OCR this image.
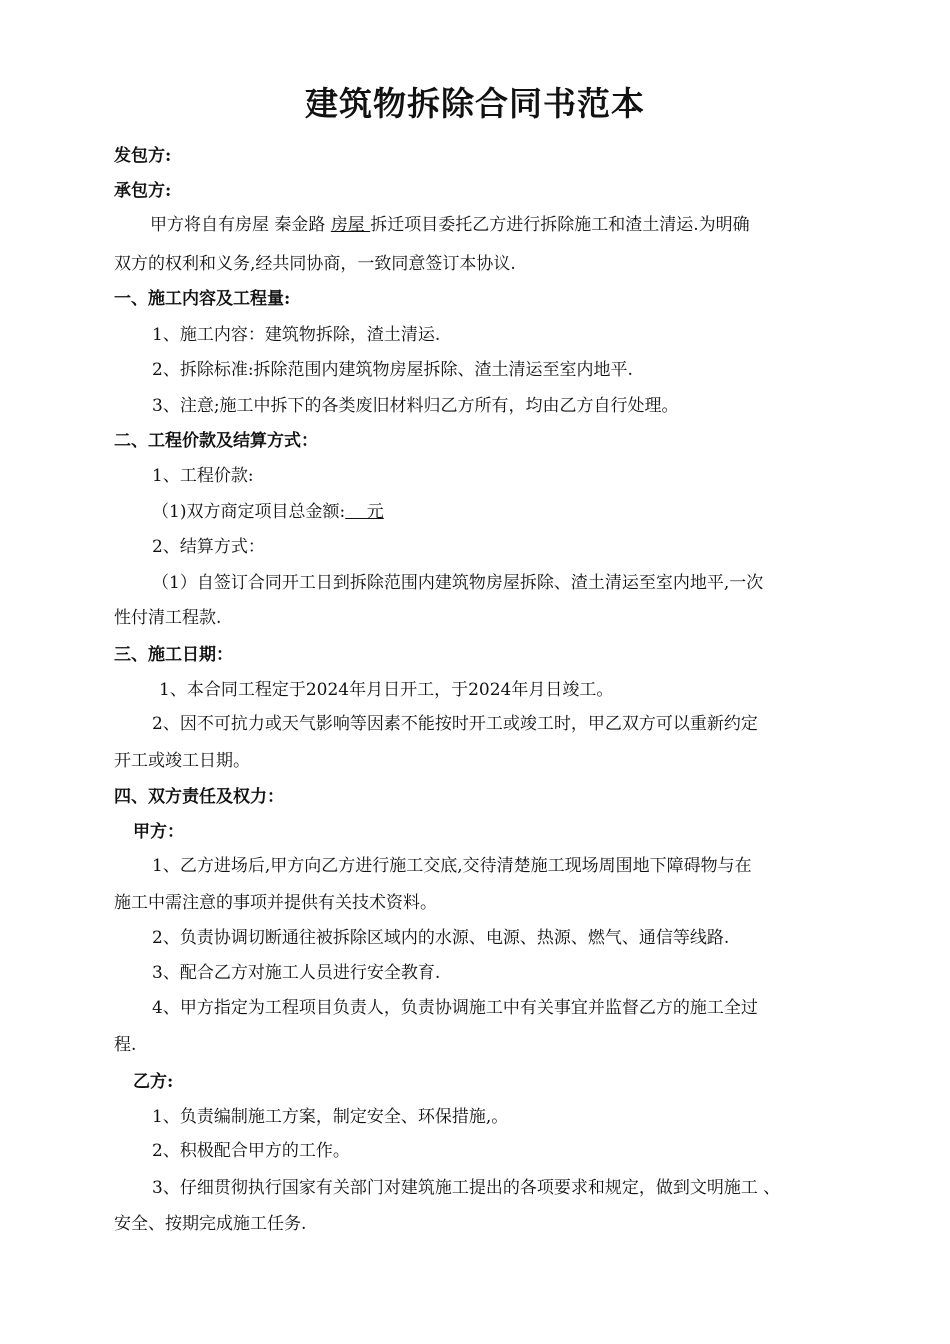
建筑物拆除合同书范本
发包方:
承包方:
甲方将自有房屋 秦金路 房屋 拆迁项目委托乙方进行拆除施工和渣土清运.为明确
双方的权利和义务,经共同协商，一致同意签订本协议.
一、施工内容及工程量:
1、施工内容：建筑物拆除，渣土清运.
2、拆除标准:拆除范围内建筑物房屋拆除、渣土清运至室内地平.
3、注意;施工中拆下的各类废旧材料归乙方所有，均由乙方自行处理。
二、工程价款及结算方式：
1、工程价款:
（1)双方商定项目总金额:    元
2、结算方式：
（1）自签订合同开工日到拆除范围内建筑物房屋拆除、渣土清运至室内地平,一次
性付清工程款.
三、施工日期：
1、本合同工程定于2024年月日开工，于2024年月日竣工。
2、因不可抗力或天气影响等因素不能按时开工或竣工时，甲乙双方可以重新约定
开工或竣工日期。
四、双方责任及权力：
甲方：
1、乙方进场后,甲方向乙方进行施工交底,交待清楚施工现场周围地下障碍物与在
施工中需注意的事项并提供有关技术资料。
2、负责协调切断通往被拆除区域内的水源、电源、热源、燃气、通信等线路.
3、配合乙方对施工人员进行安全教育.
4、甲方指定为工程项目负责人，负责协调施工中有关事宜并监督乙方的施工全过
程.
乙方:
1、负责编制施工方案，制定安全、环保措施,。
2、积极配合甲方的工作。
3、仔细贯彻执行国家有关部门对建筑施工提出的各项要求和规定，做到文明施工 、
安全、按期完成施工任务.
